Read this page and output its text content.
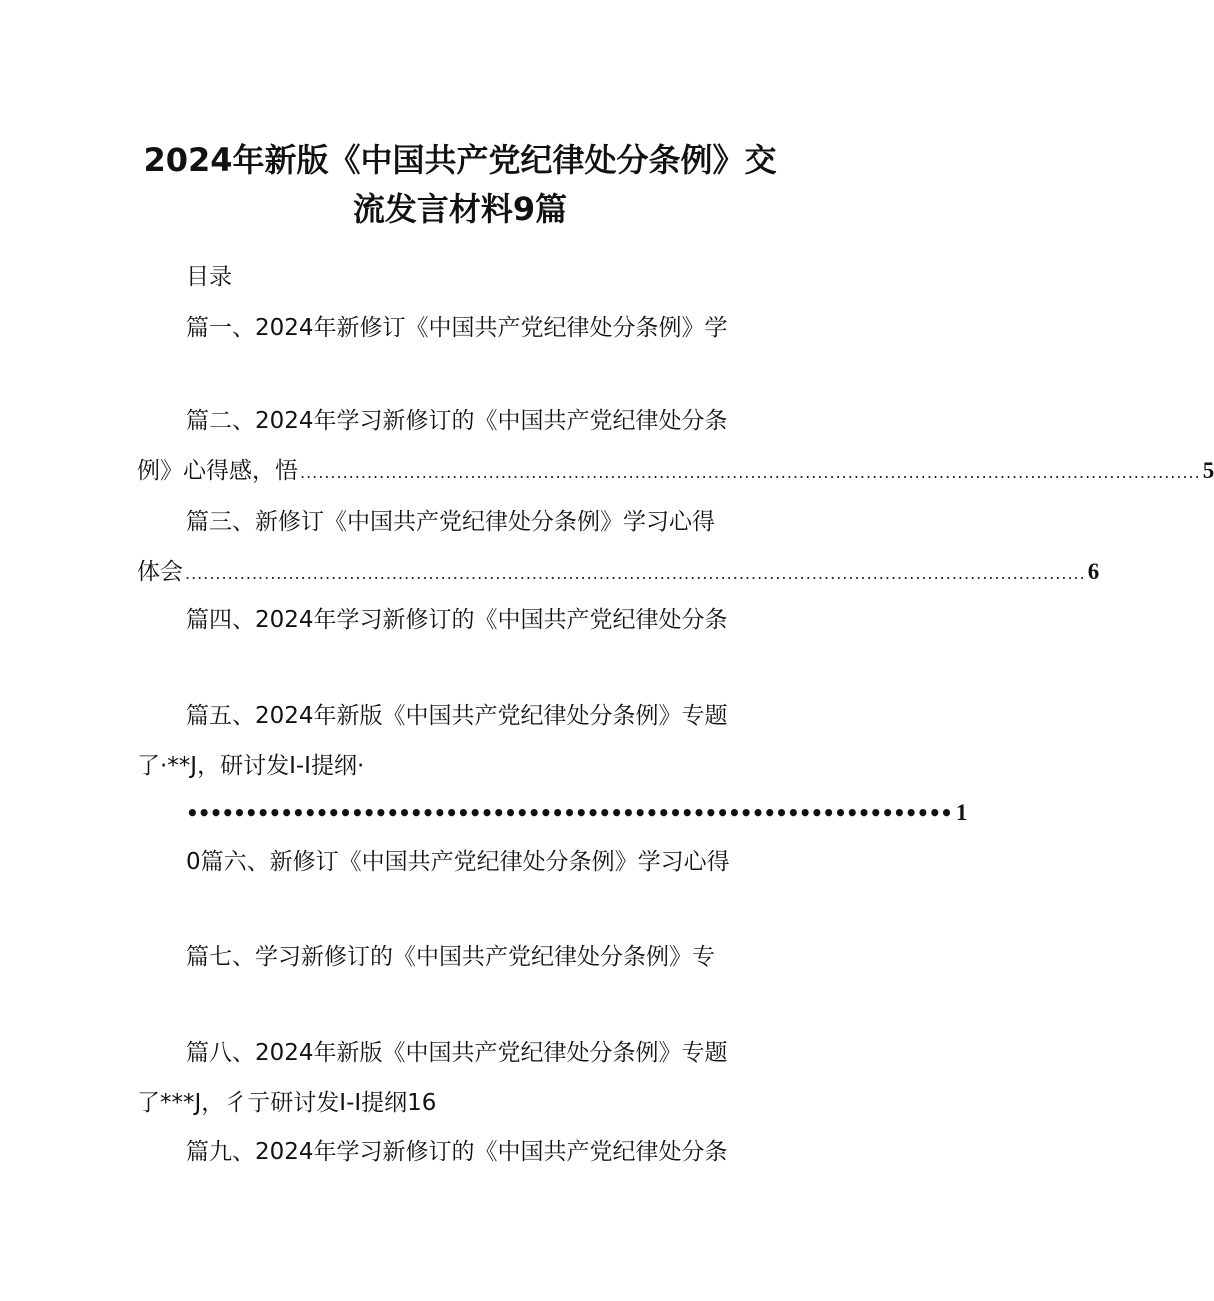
2024年新版《中国共产党纪律处分条例》交
流发言材料9篇

目录

篇一、2024年新修订《中国共产党纪律处分条例》学

篇二、2024年学习新修订的《中国共产党纪律处分条

例》心得感，悟 .................................................................................................................................................... 5

篇三、新修订《中国共产党纪律处分条例》学习心得

体会 .................................................................................................................................................... 6

篇四、2024年学习新修订的《中国共产党纪律处分条

篇五、2024年新版《中国共产党纪律处分条例》专题

了·**J，研讨发I-I提纲·

••••••••••••••••••••••••••••••••••••••••••••••••••••••••••••••••• 1

0篇六、新修订《中国共产党纪律处分条例》学习心得

篇七、学习新修订的《中国共产党纪律处分条例》专

篇八、2024年新版《中国共产党纪律处分条例》专题

了***J，彳亍研讨发I-I提纲16

篇九、2024年学习新修订的《中国共产党纪律处分条
